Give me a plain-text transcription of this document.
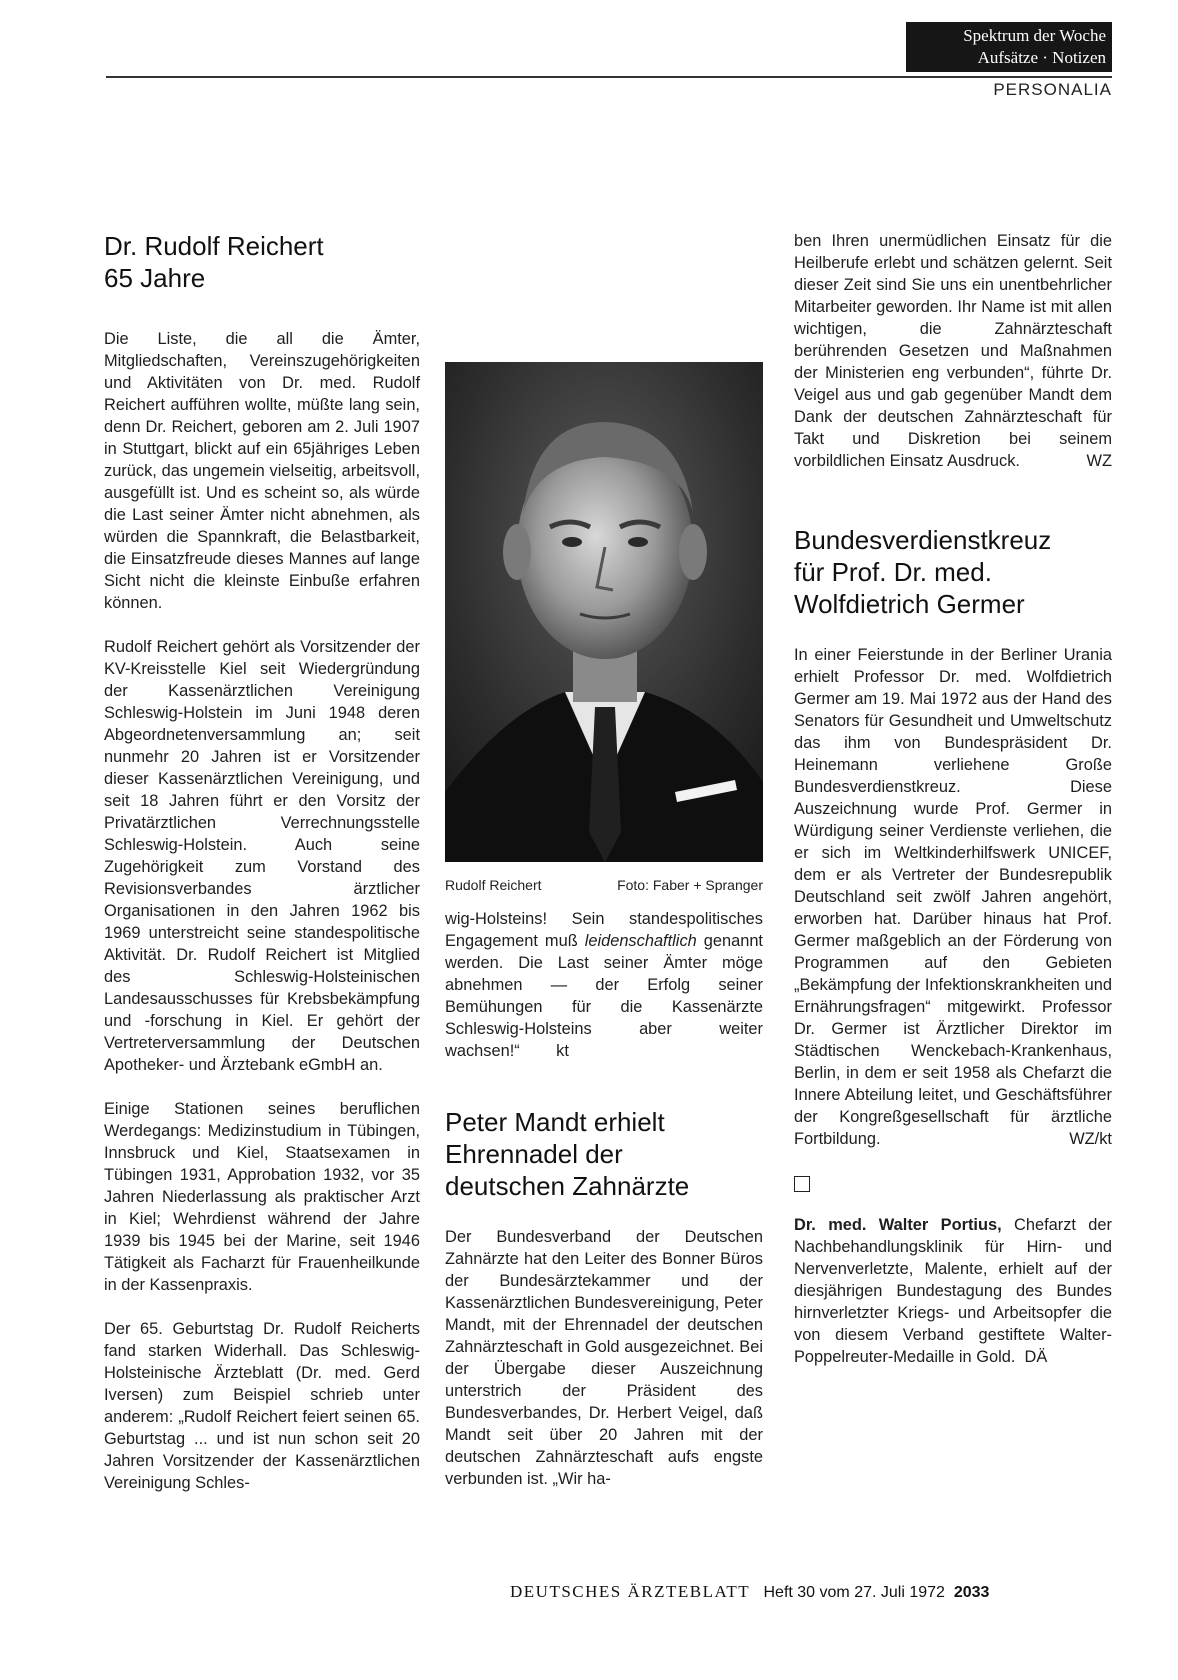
Spektrum der Woche
Aufsätze · Notizen
PERSONALIA
Dr. Rudolf Reichert
65 Jahre

Die Liste, die all die Ämter, Mitgliedschaften, Vereinszugehörigkeiten und Aktivitäten von Dr. med. Rudolf Reichert aufführen wollte, müßte lang sein, denn Dr. Reichert, geboren am 2. Juli 1907 in Stuttgart, blickt auf ein 65jähriges Leben zurück, das ungemein vielseitig, arbeitsvoll, ausgefüllt ist. Und es scheint so, als würde die Last seiner Ämter nicht abnehmen, als würden die Spannkraft, die Belastbarkeit, die Einsatzfreude dieses Mannes auf lange Sicht nicht die kleinste Einbuße erfahren können.

Rudolf Reichert gehört als Vorsitzender der KV-Kreisstelle Kiel seit Wiedergründung der Kassenärztlichen Vereinigung Schleswig-Holstein im Juni 1948 deren Abgeordnetenversammlung an; seit nunmehr 20 Jahren ist er Vorsitzender dieser Kassenärztlichen Vereinigung, und seit 18 Jahren führt er den Vorsitz der Privatärztlichen Verrechnungsstelle Schleswig-Holstein. Auch seine Zugehörigkeit zum Vorstand des Revisionsverbandes ärztlicher Organisationen in den Jahren 1962 bis 1969 unterstreicht seine standespolitische Aktivität. Dr. Rudolf Reichert ist Mitglied des Schleswig-Holsteinischen Landesausschusses für Krebsbekämpfung und -forschung in Kiel. Er gehört der Vertreterversammlung der Deutschen Apotheker- und Ärztebank eGmbH an.

Einige Stationen seines beruflichen Werdegangs: Medizinstudium in Tübingen, Innsbruck und Kiel, Staatsexamen in Tübingen 1931, Approbation 1932, vor 35 Jahren Niederlassung als praktischer Arzt in Kiel; Wehrdienst während der Jahre 1939 bis 1945 bei der Marine, seit 1946 Tätigkeit als Facharzt für Frauenheilkunde in der Kassenpraxis.

Der 65. Geburtstag Dr. Rudolf Reicherts fand starken Widerhall. Das Schleswig-Holsteinische Ärzteblatt (Dr. med. Gerd Iversen) zum Beispiel schrieb unter anderem: „Rudolf Reichert feiert seinen 65. Geburtstag ... und ist nun schon seit 20 Jahren Vorsitzender der Kassenärztlichen Vereinigung Schles-

Rudolf Reichert	Foto: Faber + Spranger

wig-Holsteins! Sein standespolitisches Engagement muß leidenschaftlich genannt werden. Die Last seiner Ämter möge abnehmen — der Erfolg seiner Bemühungen für die Kassenärzte Schleswig-Holsteins aber weiter wachsen!“ kt

Peter Mandt erhielt
Ehrennadel der
deutschen Zahnärzte

Der Bundesverband der Deutschen Zahnärzte hat den Leiter des Bonner Büros der Bundesärztekammer und der Kassenärztlichen Bundesvereinigung, Peter Mandt, mit der Ehrennadel der deutschen Zahnärzteschaft in Gold ausgezeichnet. Bei der Übergabe dieser Auszeichnung unterstrich der Präsident des Bundesverbandes, Dr. Herbert Veigel, daß Mandt seit über 20 Jahren mit der deutschen Zahnärzteschaft aufs engste verbunden ist. „Wir ha-

ben Ihren unermüdlichen Einsatz für die Heilberufe erlebt und schätzen gelernt. Seit dieser Zeit sind Sie uns ein unentbehrlicher Mitarbeiter geworden. Ihr Name ist mit allen wichtigen, die Zahnärzteschaft berührenden Gesetzen und Maßnahmen der Ministerien eng verbunden“, führte Dr. Veigel aus und gab gegenüber Mandt dem Dank der deutschen Zahnärzteschaft für Takt und Diskretion bei seinem vorbildlichen Einsatz Ausdruck.	WZ
Bundesverdienstkreuz
für Prof. Dr. med.
Wolfdietrich Germer

In einer Feierstunde in der Berliner Urania erhielt Professor Dr. med. Wolfdietrich Germer am 19. Mai 1972 aus der Hand des Senators für Gesundheit und Umweltschutz das ihm von Bundespräsident Dr. Heinemann verliehene Große Bundesverdienstkreuz. Diese Auszeichnung wurde Prof. Germer in Würdigung seiner Verdienste verliehen, die er sich im Weltkinderhilfswerk UNICEF, dem er als Vertreter der Bundesrepublik Deutschland seit zwölf Jahren angehört, erworben hat. Darüber hinaus hat Prof. Germer maßgeblich an der Förderung von Programmen auf den Gebieten „Bekämpfung der Infektionskrankheiten und Ernährungsfragen“ mitgewirkt. Professor Dr. Germer ist Ärztlicher Direktor im Städtischen Wenckebach-Krankenhaus, Berlin, in dem er seit 1958 als Chefarzt die Innere Abteilung leitet, und Geschäftsführer der Kongreßgesellschaft für ärztliche Fortbildung.	WZ/kt

Dr. med. Walter Portius, Chefarzt der Nachbehandlungsklinik für Hirn- und Nervenverletzte, Malente, erhielt auf der diesjährigen Bundestagung des Bundes hirnverletzter Kriegs- und Arbeitsopfer die von diesem Verband gestiftete Walter-Poppelreuter-Medaille in Gold. DÄ

DEUTSCHES ÄRZTEBLATT Heft 30 vom 27. Juli 1972 2033
